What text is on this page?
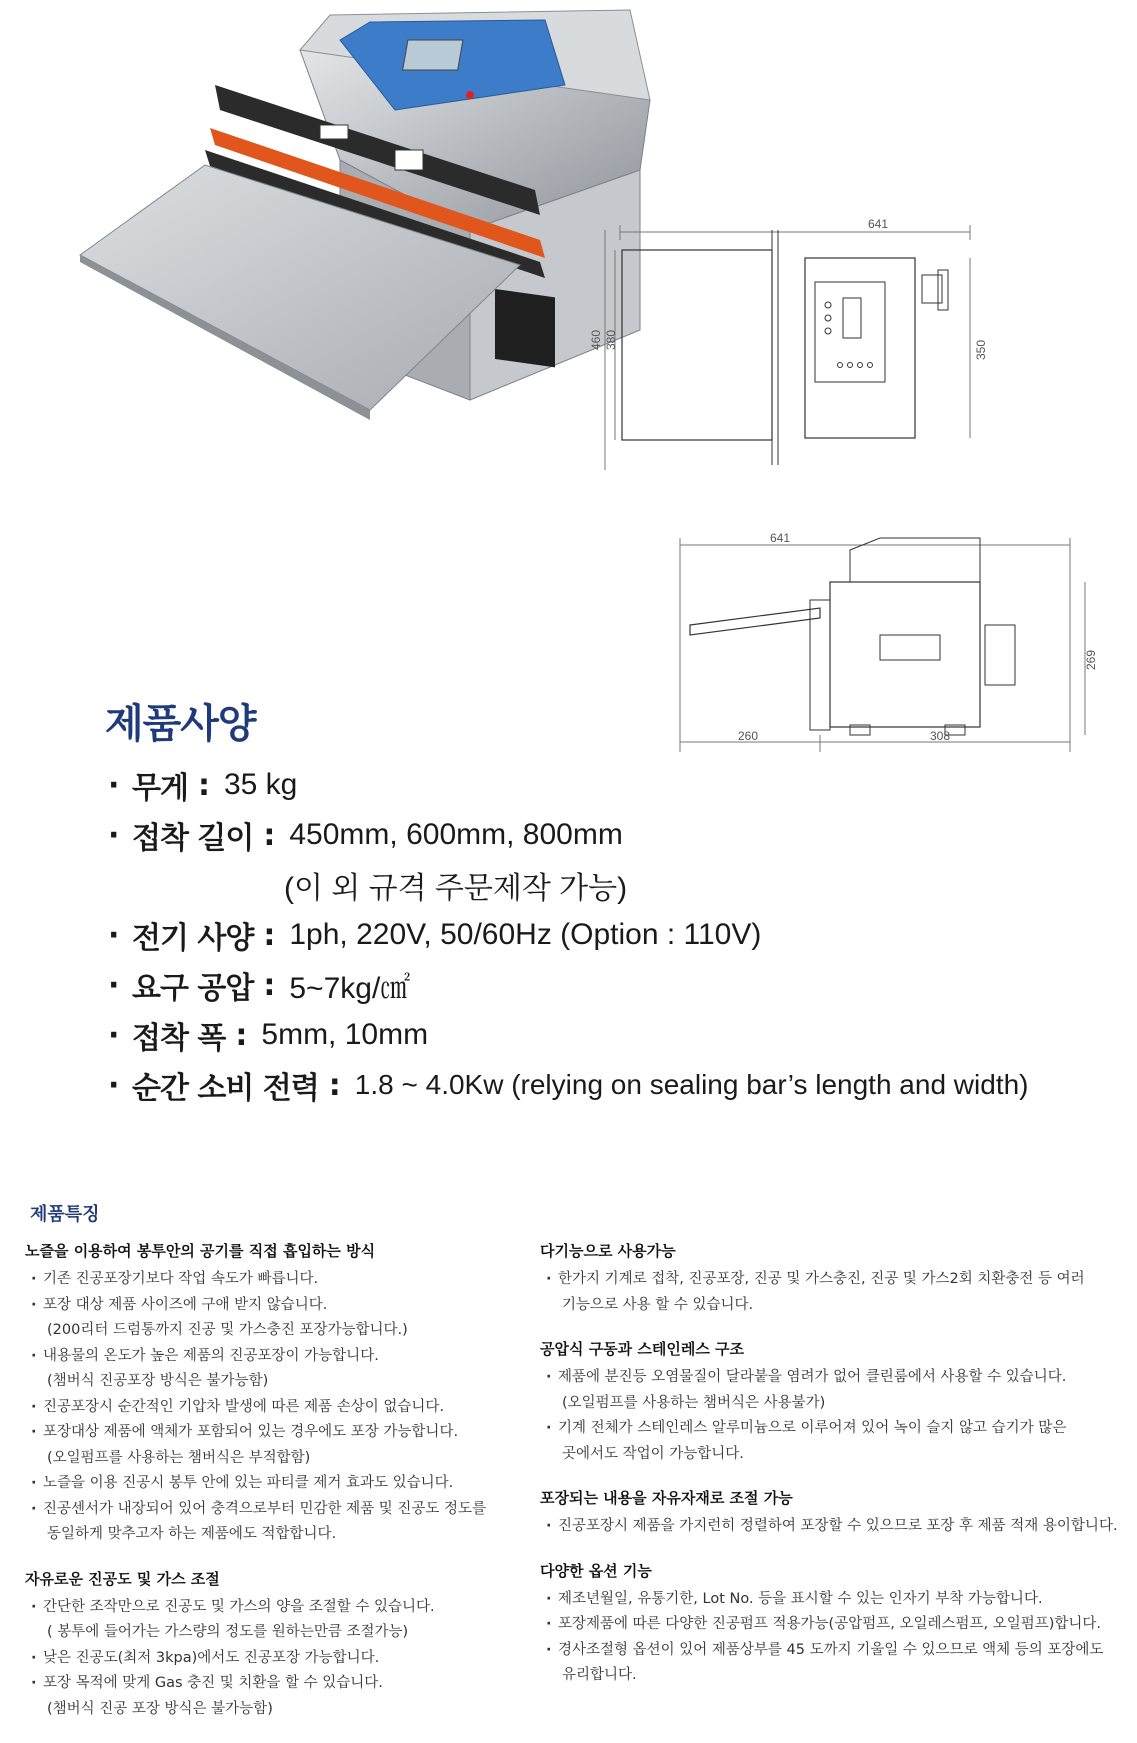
641
460 380	350
641
260	308
269
제품사양
· 무게 : 35 kg
· 접착 길이 : 450mm, 600mm, 800mm
(이 외 규격 주문제작 가능)
· 전기 사양 : 1ph, 220V, 50/60Hz (Option : 110V)
· 요구 공압 : 5~7kg/㎠
· 접착 폭 : 5mm, 10mm
· 순간 소비 전력 : 1.8 ~ 4.0Kw (relying on sealing bar’s length and width)
제품특징
노즐을 이용하여 봉투안의 공기를 직접 흡입하는 방식
· 기존 진공포장기보다 작업 속도가 빠릅니다.
· 포장 대상 제품 사이즈에 구애 받지 않습니다.
(200리터 드럼통까지 진공 및 가스충진 포장가능합니다.)
· 내용물의 온도가 높은 제품의 진공포장이 가능합니다.
(챔버식 진공포장 방식은 불가능함)
· 진공포장시 순간적인 기압차 발생에 따른 제품 손상이 없습니다.
· 포장대상 제품에 액체가 포함되어 있는 경우에도 포장 가능합니다.
(오일펌프를 사용하는 챔버식은 부적합함)
· 노즐을 이용 진공시 봉투 안에 있는 파티클 제거 효과도 있습니다.
· 진공센서가 내장되어 있어 충격으로부터 민감한 제품 및 진공도 정도를
동일하게 맞추고자 하는 제품에도 적합합니다.
자유로운 진공도 및 가스 조절
· 간단한 조작만으로 진공도 및 가스의 양을 조절할 수 있습니다.
( 봉투에 들어가는 가스량의 정도를 원하는만큼 조절가능)
· 낮은 진공도(최저 3kpa)에서도 진공포장 가능합니다.
· 포장 목적에 맞게 Gas 충진 및 치환을 할 수 있습니다.
(챔버식 진공 포장 방식은 불가능함)
다기능으로 사용가능
· 한가지 기계로 접착, 진공포장, 진공 및 가스충진, 진공 및 가스2회 치환충전 등 여러
기능으로 사용 할 수 있습니다.
공압식 구동과 스테인레스 구조
· 제품에 분진등 오염물질이 달라붙을 염려가 없어 클린룸에서 사용할 수 있습니다.
(오일펌프를 사용하는 챔버식은 사용불가)
· 기계 전체가 스테인레스 알루미늄으로 이루어져 있어 녹이 슬지 않고 습기가 많은
곳에서도 작업이 가능합니다.
포장되는 내용을 자유자재로 조절 가능
· 진공포장시 제품을 가지런히 정렬하여 포장할 수 있으므로 포장 후 제품 적재 용이합니다.
다양한 옵션 기능
· 제조년월일, 유통기한, Lot No. 등을 표시할 수 있는 인자기 부착 가능합니다.
· 포장제품에 따른 다양한 진공펌프 적용가능(공압펌프, 오일레스펌프, 오일펌프)합니다.
· 경사조절형 옵션이 있어 제품상부를 45 도까지 기울일 수 있으므로 액체 등의 포장에도
유리합니다.
